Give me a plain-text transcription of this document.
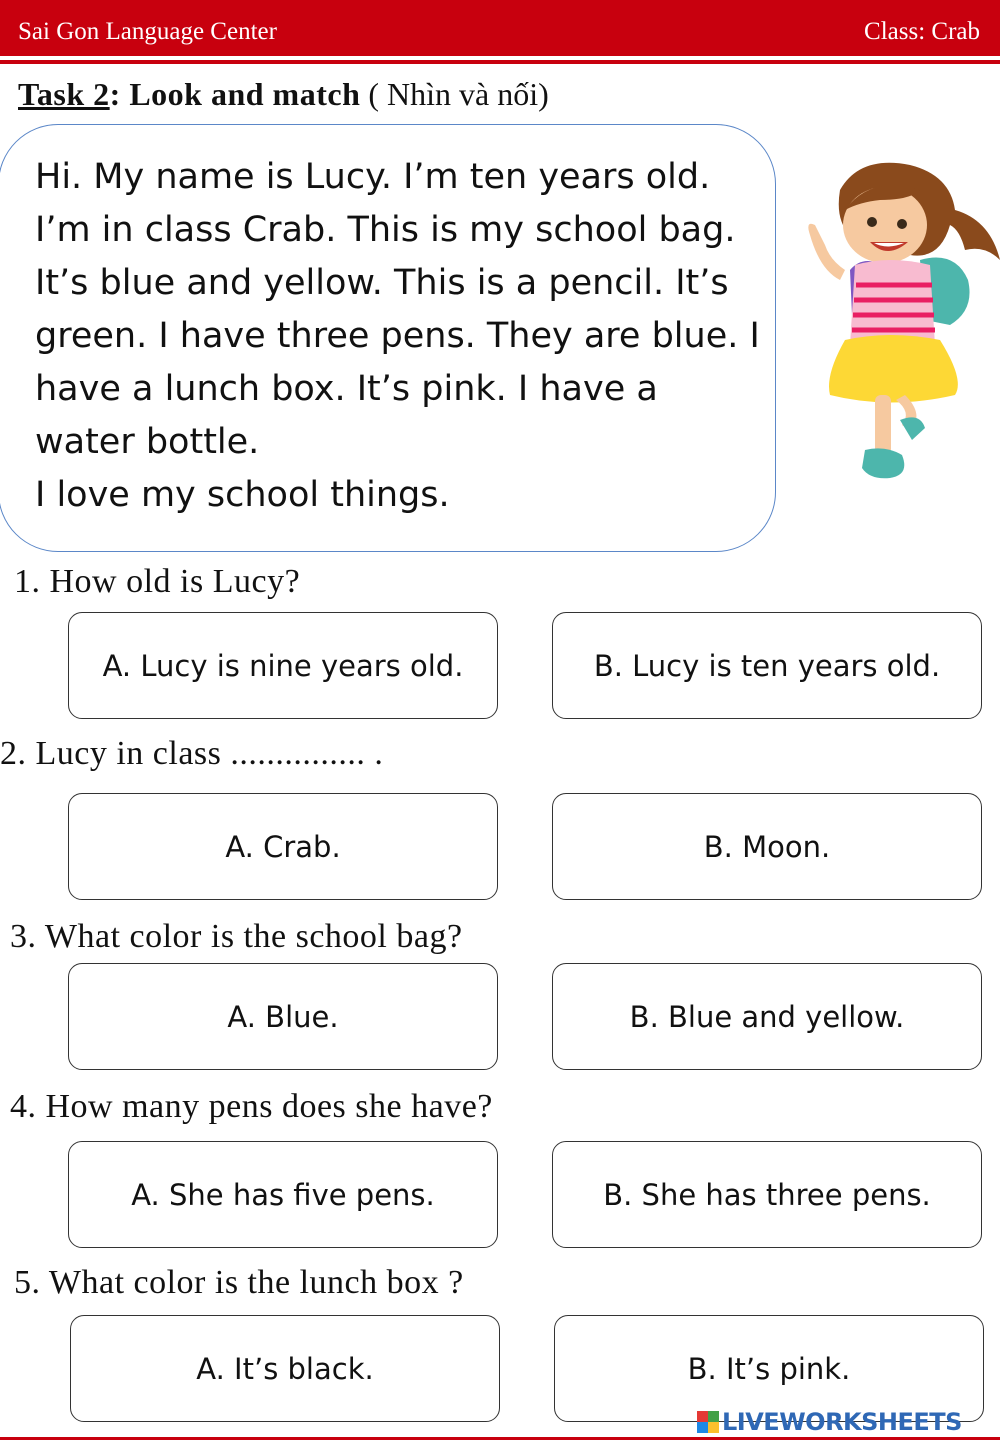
Sai Gon Language Center	Class: Crab
Task 2: Look and match ( Nhìn và nối)

Hi. My name is Lucy. I’m ten years old. I’m in class Crab. This is my school bag. It’s blue and yellow. This is a pencil. It’s green. I have three pens. They are blue. I have a lunch box. It’s pink. I have a water bottle.
I love my school things.

1. How old is Lucy?
A. Lucy is nine years old.	B. Lucy is ten years old.
2. Lucy in class ............... .
A. Crab.	B. Moon.
3. What color is the school bag?
A. Blue.	B. Blue and yellow.
4. How many pens does she have?
A. She has five pens.	B. She has three pens.
5. What color is the lunch box ?
A. It’s black.	B. It’s pink.
LIVEWORKSHEETS
